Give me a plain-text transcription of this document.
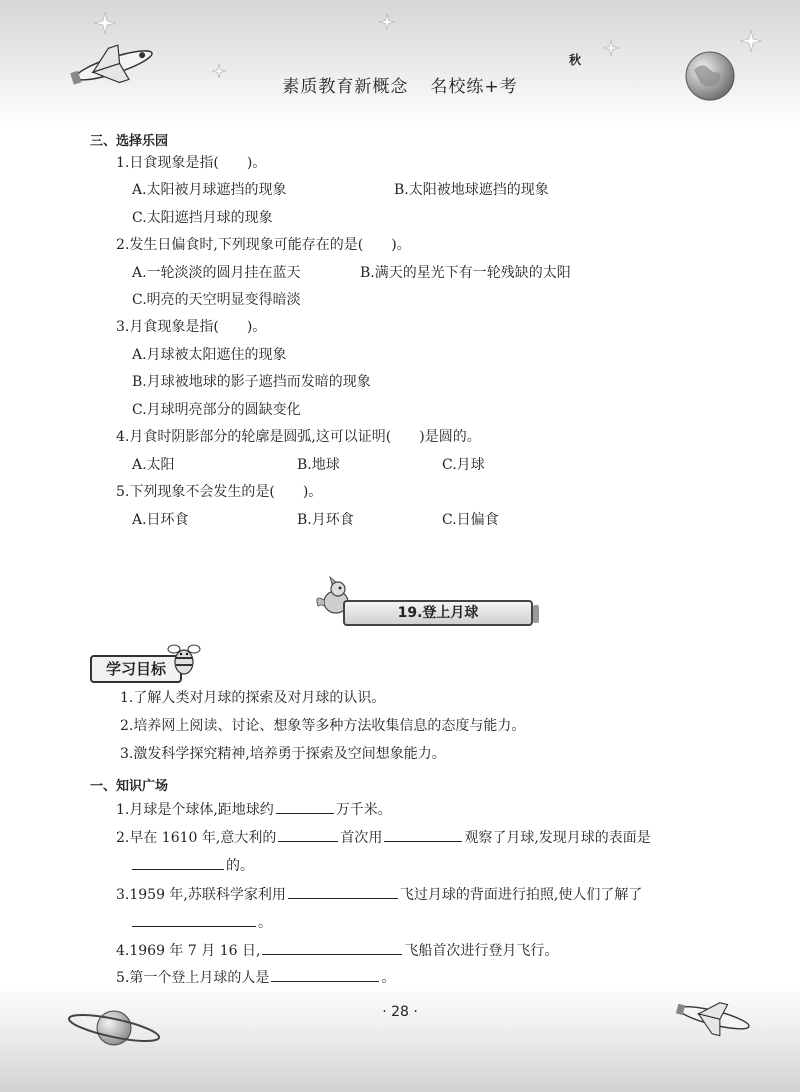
秋
素质教育新概念 名校练+考
三、选择乐园
1.日食现象是指(　　)。
A.太阳被月球遮挡的现象	B.太阳被地球遮挡的现象
C.太阳遮挡月球的现象
2.发生日偏食时,下列现象可能存在的是(　　)。
A.一轮淡淡的圆月挂在蓝天	B.满天的星光下有一轮残缺的太阳
C.明亮的天空明显变得暗淡
3.月食现象是指(　　)。
A.月球被太阳遮住的现象
B.月球被地球的影子遮挡而发暗的现象
C.月球明亮部分的圆缺变化
4.月食时阴影部分的轮廓是圆弧,这可以证明(　　)是圆的。
A.太阳	B.地球	C.月球
5.下列现象不会发生的是(　　)。
A.日环食	B.月环食	C.日偏食
19.登上月球
学习目标
1.了解人类对月球的探索及对月球的认识。
2.培养网上阅读、讨论、想象等多种方法收集信息的态度与能力。
3.激发科学探究精神,培养勇于探索及空间想象能力。
一、知识广场
1.月球是个球体,距地球约	万千米。
2.早在 1610 年,意大利的	首次用	观察了月球,发现月球的表面是
的。
3.1959 年,苏联科学家利用	飞过月球的背面进行拍照,使人们了解了
。
4.1969 年 7 月 16 日,	飞船首次进行登月飞行。
5.第一个登上月球的人是	。
· 28 ·
